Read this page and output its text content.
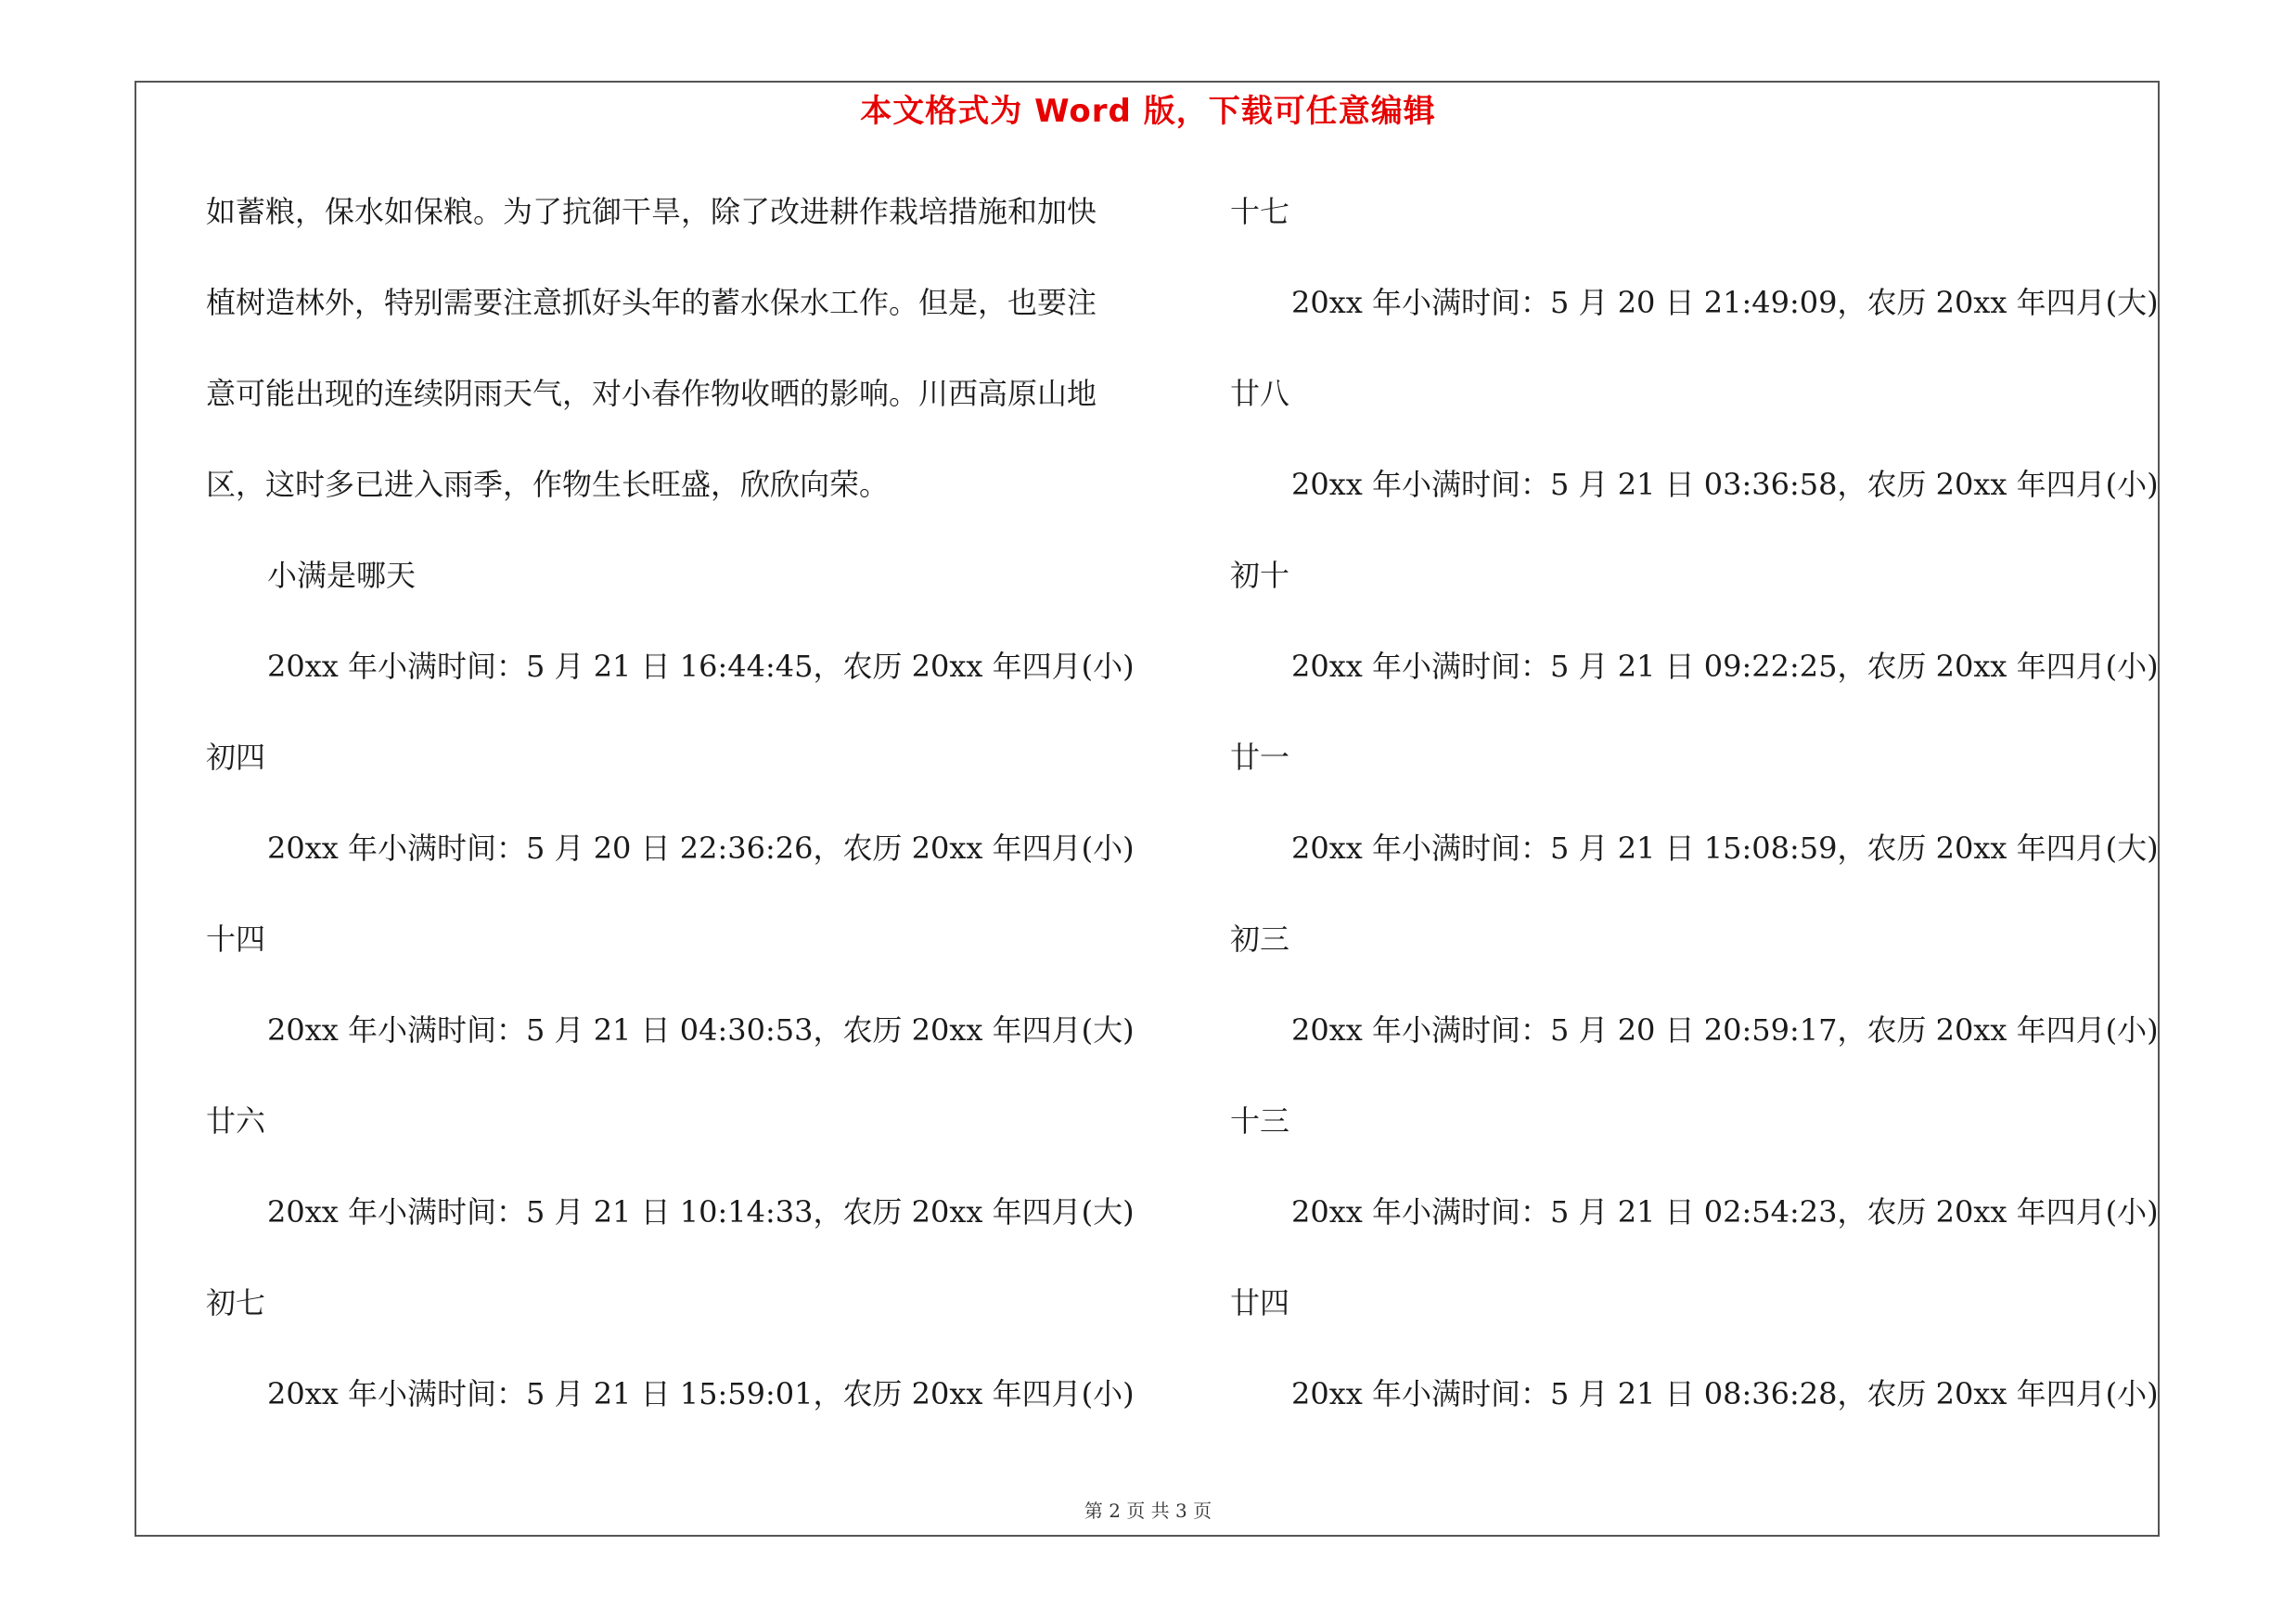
本文格式为 Word 版，下载可任意编辑
如蓄粮，保水如保粮。为了抗御干旱，除了改进耕作栽培措施和加快
植树造林外，特别需要注意抓好头年的蓄水保水工作。但是，也要注
意可能出现的连续阴雨天气，对小春作物收晒的影响。川西高原山地
区，这时多已进入雨季，作物生长旺盛，欣欣向荣。
小满是哪天
20xx 年小满时间：5 月 21 日 16:44:45，农历 20xx 年四月(小)
初四
20xx 年小满时间：5 月 20 日 22:36:26，农历 20xx 年四月(小)
十四
20xx 年小满时间：5 月 21 日 04:30:53，农历 20xx 年四月(大)
廿六
20xx 年小满时间：5 月 21 日 10:14:33，农历 20xx 年四月(大)
初七
20xx 年小满时间：5 月 21 日 15:59:01，农历 20xx 年四月(小)
十七
20xx 年小满时间：5 月 20 日 21:49:09，农历 20xx 年四月(大)
廿八
20xx 年小满时间：5 月 21 日 03:36:58，农历 20xx 年四月(小)
初十
20xx 年小满时间：5 月 21 日 09:22:25，农历 20xx 年四月(小)
廿一
20xx 年小满时间：5 月 21 日 15:08:59，农历 20xx 年四月(大)
初三
20xx 年小满时间：5 月 20 日 20:59:17，农历 20xx 年四月(小)
十三
20xx 年小满时间：5 月 21 日 02:54:23，农历 20xx 年四月(小)
廿四
20xx 年小满时间：5 月 21 日 08:36:28，农历 20xx 年四月(小)
第 2 页 共 3 页
